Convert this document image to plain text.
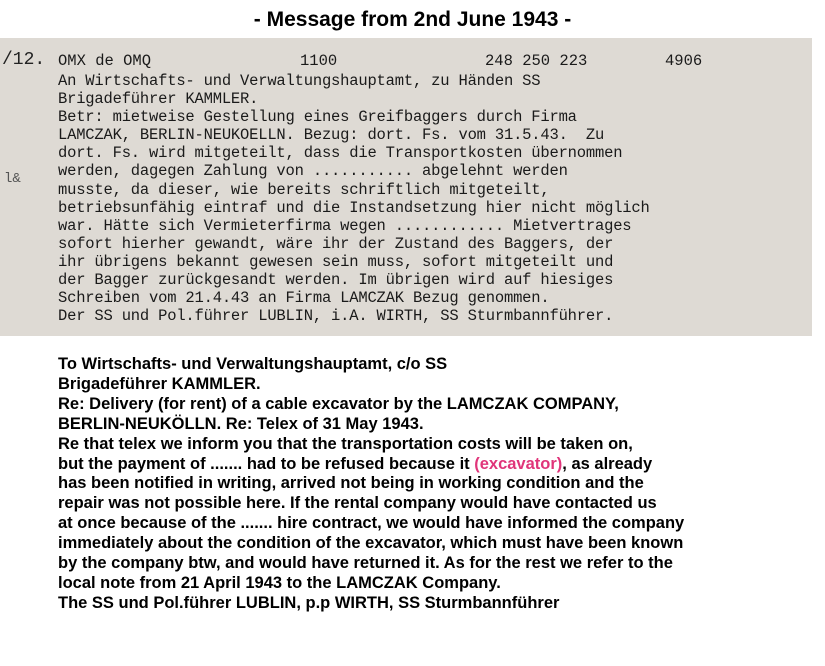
- Message from 2nd June 1943 -
/12.
l&
OMX de OMQ	1100	248 250 223	4906
An Wirtschafts- und Verwaltungshauptamt, zu Händen SS
Brigadeführer KAMMLER.
Betr: mietweise Gestellung eines Greifbaggers durch Firma
LAMCZAK, BERLIN-NEUKOELLN. Bezug: dort. Fs. vom 31.5.43.  Zu
dort. Fs. wird mitgeteilt, dass die Transportkosten übernommen
werden, dagegen Zahlung von ........... abgelehnt werden
musste, da dieser, wie bereits schriftlich mitgeteilt,
betriebsunfähig eintraf und die Instandsetzung hier nicht möglich
war. Hätte sich Vermieterfirma wegen ............ Mietvertrages
sofort hierher gewandt, wäre ihr der Zustand des Baggers, der
ihr übrigens bekannt gewesen sein muss, sofort mitgeteilt und
der Bagger zurückgesandt werden. Im übrigen wird auf hiesiges
Schreiben vom 21.4.43 an Firma LAMCZAK Bezug genommen.
Der SS und Pol.führer LUBLIN, i.A. WIRTH, SS Sturmbannführer.
To Wirtschafts- und Verwaltungshauptamt, c/o SS
Brigadeführer KAMMLER.
Re: Delivery (for rent) of a cable excavator by the LAMCZAK COMPANY,
BERLIN-NEUKÖLLN. Re: Telex of 31 May 1943.
Re that telex we inform you that the transportation costs will be taken on,
but the payment of ....... had to be refused because it (excavator), as already
has been notified in writing, arrived not being in working condition and the
repair was not possible here. If the rental company would have contacted us
at once because of the ....... hire contract, we would have informed the company
immediately about the condition of the excavator, which must have been known
by the company btw, and would have returned it. As for the rest we refer to the
local note from 21 April 1943 to the LAMCZAK Company.
The SS und Pol.führer LUBLIN, p.p WIRTH, SS Sturmbannführer
